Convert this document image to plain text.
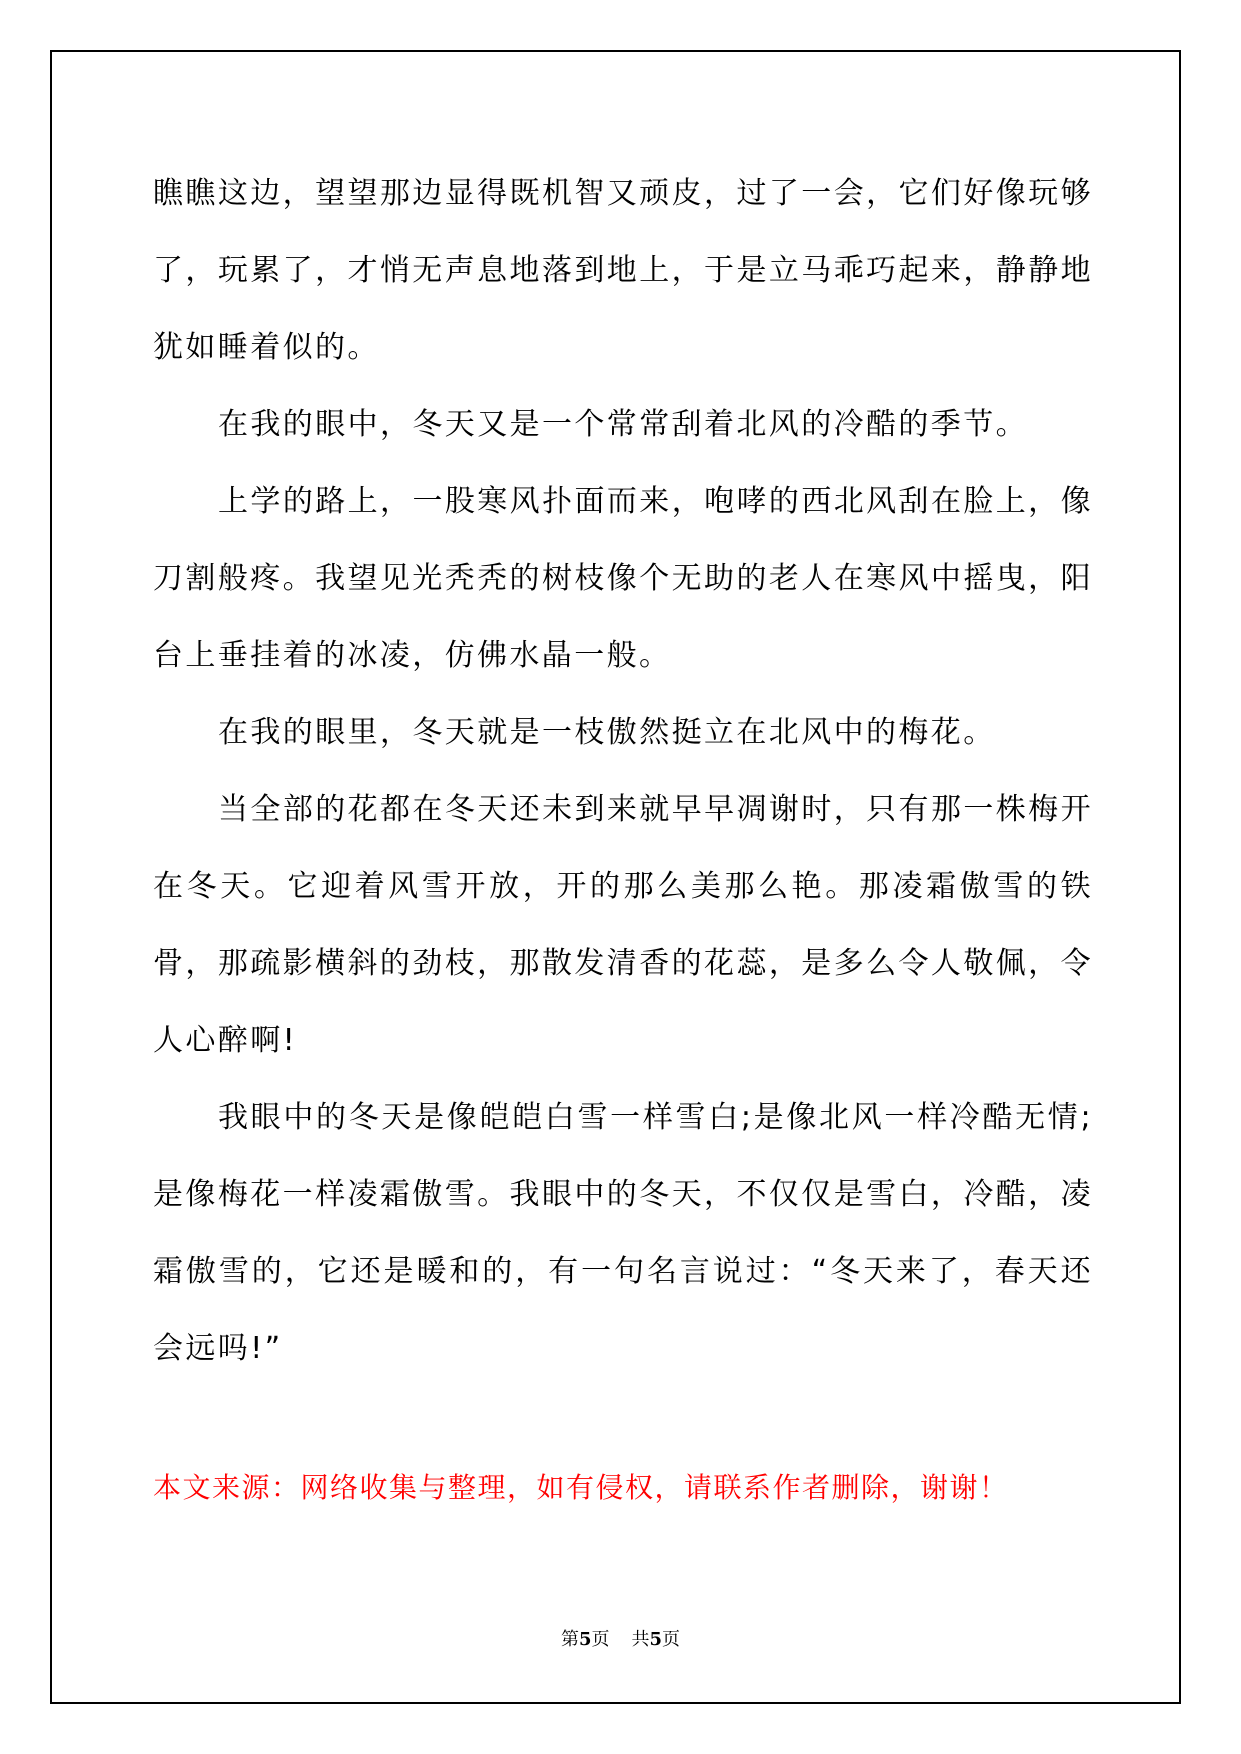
瞧瞧这边，望望那边显得既机智又顽皮，过了一会，它们好像玩够了，玩累了，才悄无声息地落到地上，于是立马乖巧起来，静静地犹如睡着似的。

在我的眼中，冬天又是一个常常刮着北风的冷酷的季节。

上学的路上，一股寒风扑面而来，咆哮的西北风刮在脸上，像刀割般疼。我望见光秃秃的树枝像个无助的老人在寒风中摇曳，阳台上垂挂着的冰凌，仿佛水晶一般。

在我的眼里，冬天就是一枝傲然挺立在北风中的梅花。

当全部的花都在冬天还未到来就早早凋谢时，只有那一株梅开在冬天。它迎着风雪开放，开的那么美那么艳。那凌霜傲雪的铁骨，那疏影横斜的劲枝，那散发清香的花蕊，是多么令人敬佩，令人心醉啊!

我眼中的冬天是像皑皑白雪一样雪白;是像北风一样冷酷无情;是像梅花一样凌霜傲雪。我眼中的冬天，不仅仅是雪白，冷酷，凌霜傲雪的，它还是暖和的，有一句名言说过：“冬天来了，春天还会远吗!”

本文来源：网络收集与整理，如有侵权，请联系作者删除，谢谢！

第5页 共5页
